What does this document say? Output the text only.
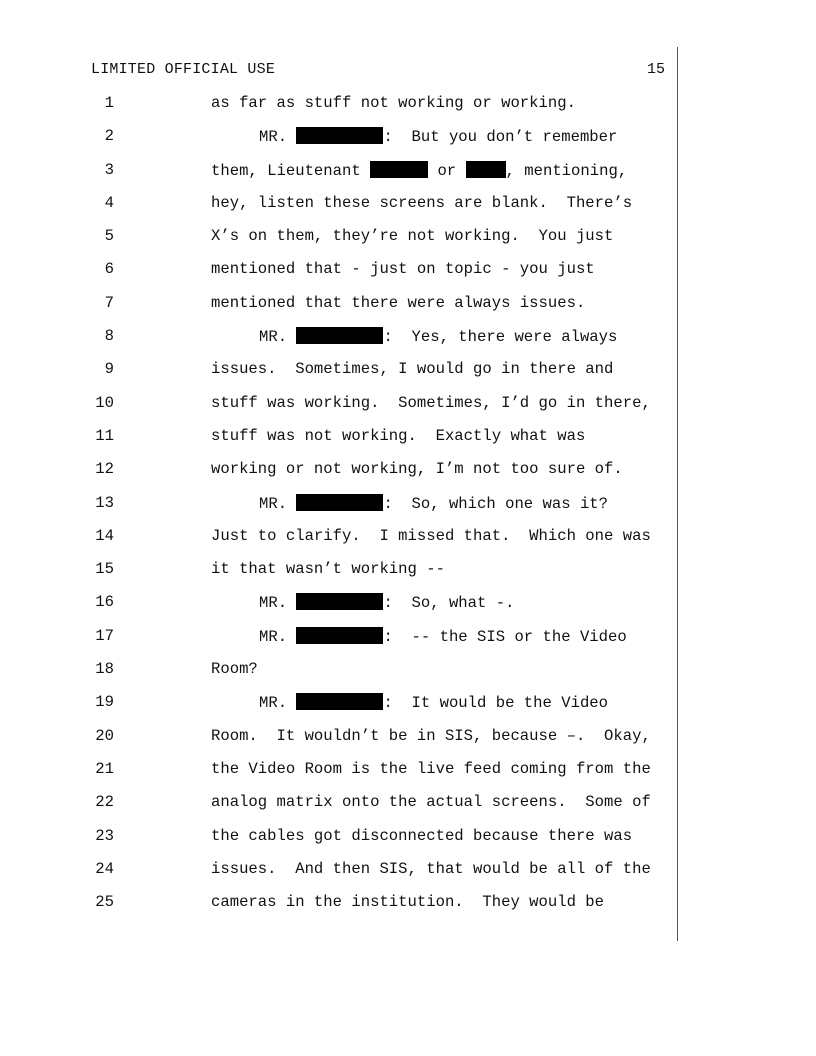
LIMITED OFFICIAL USE	15
1	as far as stuff not working or working.
2	MR.	:  But you don’t remember
3	them, Lieutenant	or	, mentioning,
4	hey, listen these screens are blank.  There’s
5	X’s on them, they’re not working.  You just
6	mentioned that - just on topic - you just
7	mentioned that there were always issues.
8	MR.	:  Yes, there were always
9	issues.  Sometimes, I would go in there and
10	stuff was working.  Sometimes, I’d go in there,
11	stuff was not working.  Exactly what was
12	working or not working, I’m not too sure of.
13	MR.	:  So, which one was it?
14	Just to clarify.  I missed that.  Which one was
15	it that wasn’t working --
16	MR.	:  So, what -.
17	MR.	:  -- the SIS or the Video
18	Room?
19	MR.	:  It would be the Video
20	Room.  It wouldn’t be in SIS, because –.  Okay,
21	the Video Room is the live feed coming from the
22	analog matrix onto the actual screens.  Some of
23	the cables got disconnected because there was
24	issues.  And then SIS, that would be all of the
25	cameras in the institution.  They would be
